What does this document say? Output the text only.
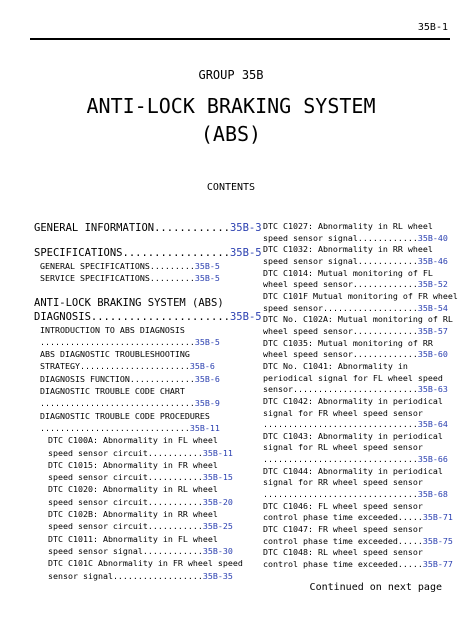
35B-1
GROUP 35B
ANTI-LOCK BRAKING SYSTEM
(ABS)
CONTENTS
GENERAL INFORMATION............35B-3
SPECIFICATIONS.................35B-5
GENERAL SPECIFICATIONS.........35B-5
SERVICE SPECIFICATIONS.........35B-5
ANTI-LOCK BRAKING SYSTEM (ABS)
DIAGNOSIS......................35B-5
INTRODUCTION TO ABS DIAGNOSIS
...............................35B-5
ABS DIAGNOSTIC TROUBLESHOOTING
STRATEGY......................35B-6
DIAGNOSIS FUNCTION.............35B-6
DIAGNOSTIC TROUBLE CODE CHART
...............................35B-9
DIAGNOSTIC TROUBLE CODE PROCEDURES
..............................35B-11
DTC C100A: Abnormality in FL wheel
speed sensor circuit...........35B-11
DTC C1015: Abnormality in FR wheel
speed sensor circuit...........35B-15
DTC C1020: Abnormality in RL wheel
speed sensor circuit...........35B-20
DTC C102B: Abnormality in RR wheel
speed sensor circuit...........35B-25
DTC C1011: Abnormality in FL wheel
speed sensor signal............35B-30
DTC C101C Abnormality in FR wheel speed
sensor signal..................35B-35
DTC C1027: Abnormality in RL wheel
speed sensor signal............35B-40
DTC C1032: Abnormality in RR wheel
speed sensor signal............35B-46
DTC C1014: Mutual monitoring of FL
wheel speed sensor.............35B-52
DTC C101F Mutual monitoring of FR wheel
speed sensor...................35B-54
DTC No. C102A: Mutual monitoring of RL
wheel speed sensor.............35B-57
DTC C1035: Mutual monitoring of RR
wheel speed sensor.............35B-60
DTC No. C1041: Abnormality in
periodical signal for FL wheel speed
sensor.........................35B-63
DTC C1042: Abnormality in periodical
signal for FR wheel speed sensor
...............................35B-64
DTC C1043: Abnormality in periodical
signal for RL wheel speed sensor
...............................35B-66
DTC C1044: Abnormality in periodical
signal for RR wheel speed sensor
...............................35B-68
DTC C1046: FL wheel speed sensor
control phase time exceeded.....35B-71
DTC C1047: FR wheel speed sensor
control phase time exceeded.....35B-75
DTC C1048: RL wheel speed sensor
control phase time exceeded.....35B-77
Continued on next page
